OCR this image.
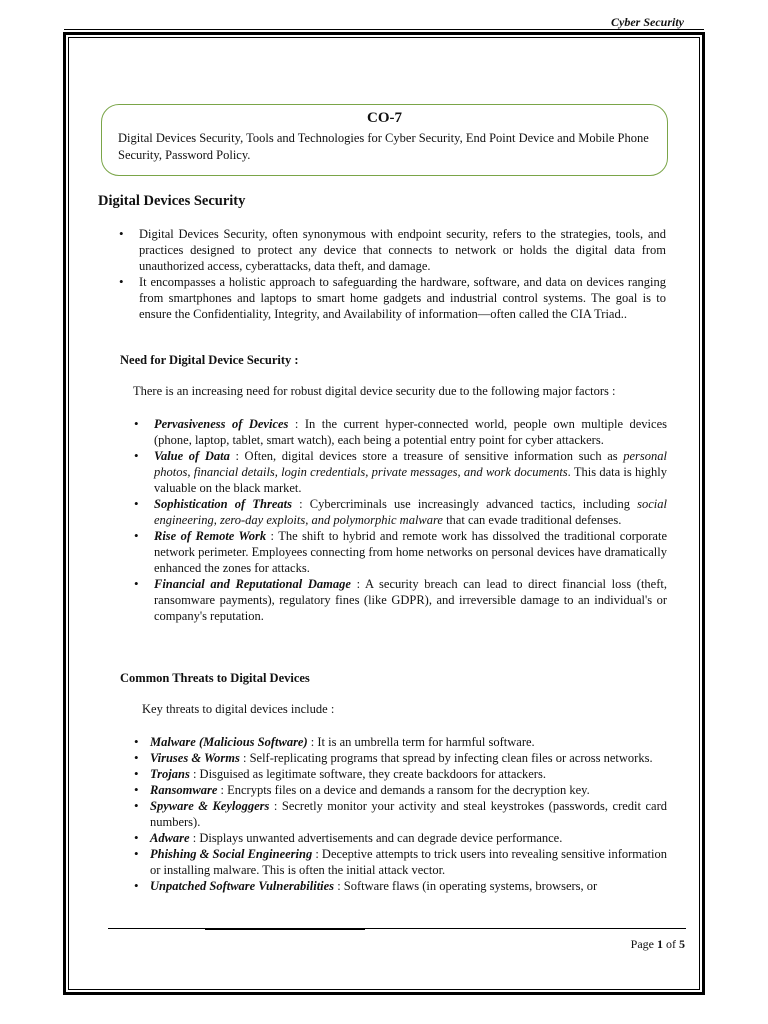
Cyber Security
CO-7
Digital Devices Security, Tools and Technologies for Cyber Security, End Point Device and Mobile Phone Security, Password Policy.
Digital Devices Security
• Digital Devices Security, often synonymous with endpoint security, refers to the strategies, tools, and practices designed to protect any device that connects to network or holds the digital data from unauthorized access, cyberattacks, data theft, and damage.
• It encompasses a holistic approach to safeguarding the hardware, software, and data on devices ranging from smartphones and laptops to smart home gadgets and industrial control systems. The goal is to ensure the Confidentiality, Integrity, and Availability of information—often called the CIA Triad..
Need for Digital Device Security :
There is an increasing need for robust digital device security due to the following major factors :
• Pervasiveness of Devices : In the current hyper-connected world, people own multiple devices (phone, laptop, tablet, smart watch), each being a potential entry point for cyber attackers.
• Value of Data : Often, digital devices store a treasure of sensitive information such as personal photos, financial details, login credentials, private messages, and work documents. This data is highly valuable on the black market.
• Sophistication of Threats : Cybercriminals use increasingly advanced tactics, including social engineering, zero-day exploits, and polymorphic malware that can evade traditional defenses.
• Rise of Remote Work : The shift to hybrid and remote work has dissolved the traditional corporate network perimeter. Employees connecting from home networks on personal devices have dramatically enhanced the zones for attacks.
• Financial and Reputational Damage : A security breach can lead to direct financial loss (theft, ransomware payments), regulatory fines (like GDPR), and irreversible damage to an individual's or company's reputation.
Common Threats to Digital Devices
Key threats to digital devices include :
• Malware (Malicious Software) : It is an umbrella term for harmful software.
• Viruses & Worms : Self-replicating programs that spread by infecting clean files or across networks.
• Trojans : Disguised as legitimate software, they create backdoors for attackers.
• Ransomware : Encrypts files on a device and demands a ransom for the decryption key.
• Spyware & Keyloggers : Secretly monitor your activity and steal keystrokes (passwords, credit card numbers).
• Adware : Displays unwanted advertisements and can degrade device performance.
• Phishing & Social Engineering : Deceptive attempts to trick users into revealing sensitive information or installing malware. This is often the initial attack vector.
• Unpatched Software Vulnerabilities : Software flaws (in operating systems, browsers, or
Page 1 of 5
